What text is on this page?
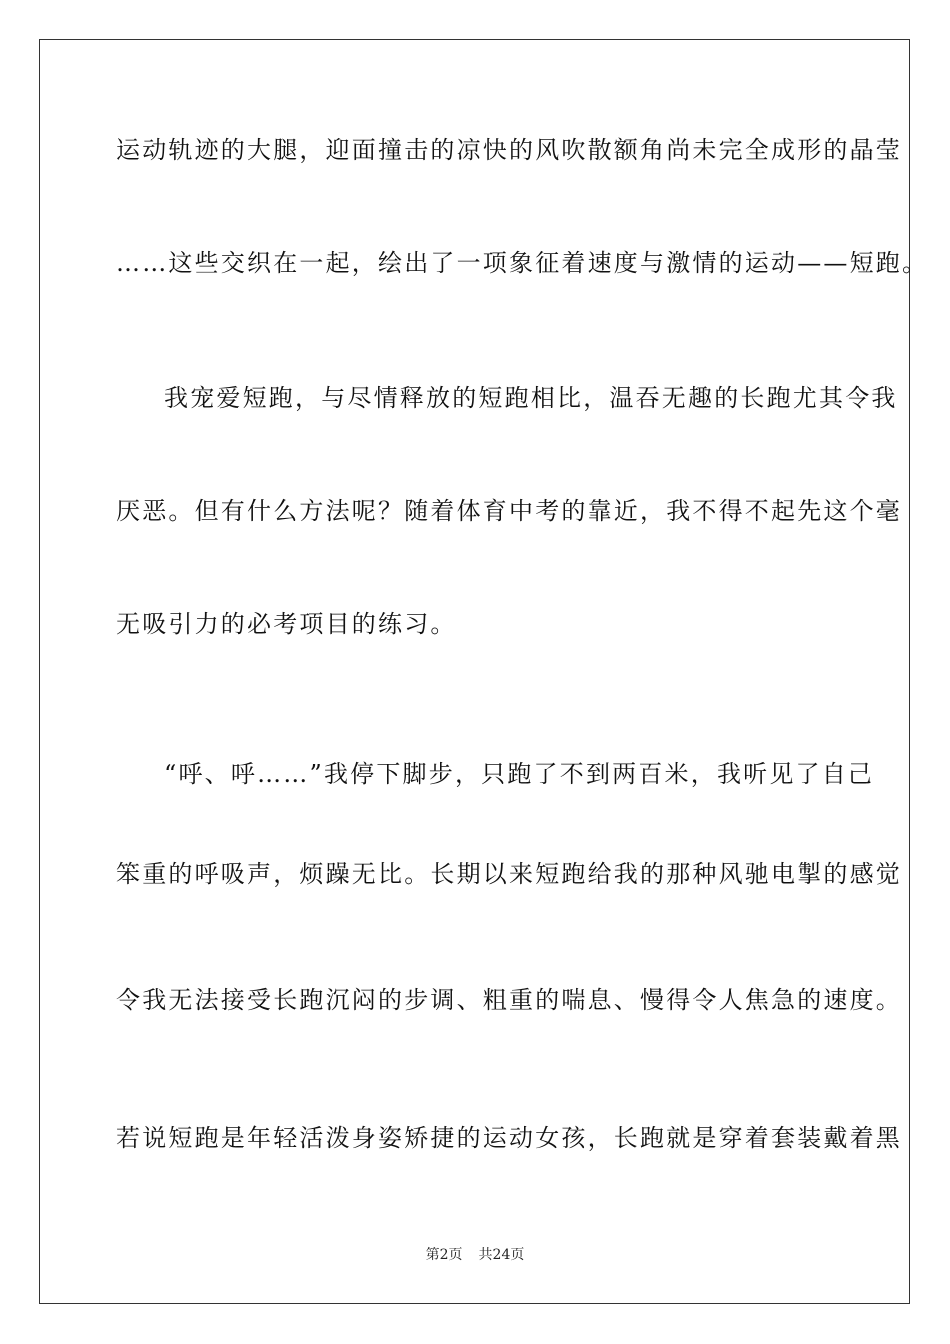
运动轨迹的大腿，迎面撞击的凉快的风吹散额角尚未完全成形的晶莹
……这些交织在一起，绘出了一项象征着速度与激情的运动——短跑。
我宠爱短跑，与尽情释放的短跑相比，温吞无趣的长跑尤其令我
厌恶。但有什么方法呢？随着体育中考的靠近，我不得不起先这个毫
无吸引力的必考项目的练习。
“呼、呼……”我停下脚步，只跑了不到两百米，我听见了自己
笨重的呼吸声，烦躁无比。长期以来短跑给我的那种风驰电掣的感觉
令我无法接受长跑沉闷的步调、粗重的喘息、慢得令人焦急的速度。
若说短跑是年轻活泼身姿矫捷的运动女孩，长跑就是穿着套装戴着黑
第2页 共24页
